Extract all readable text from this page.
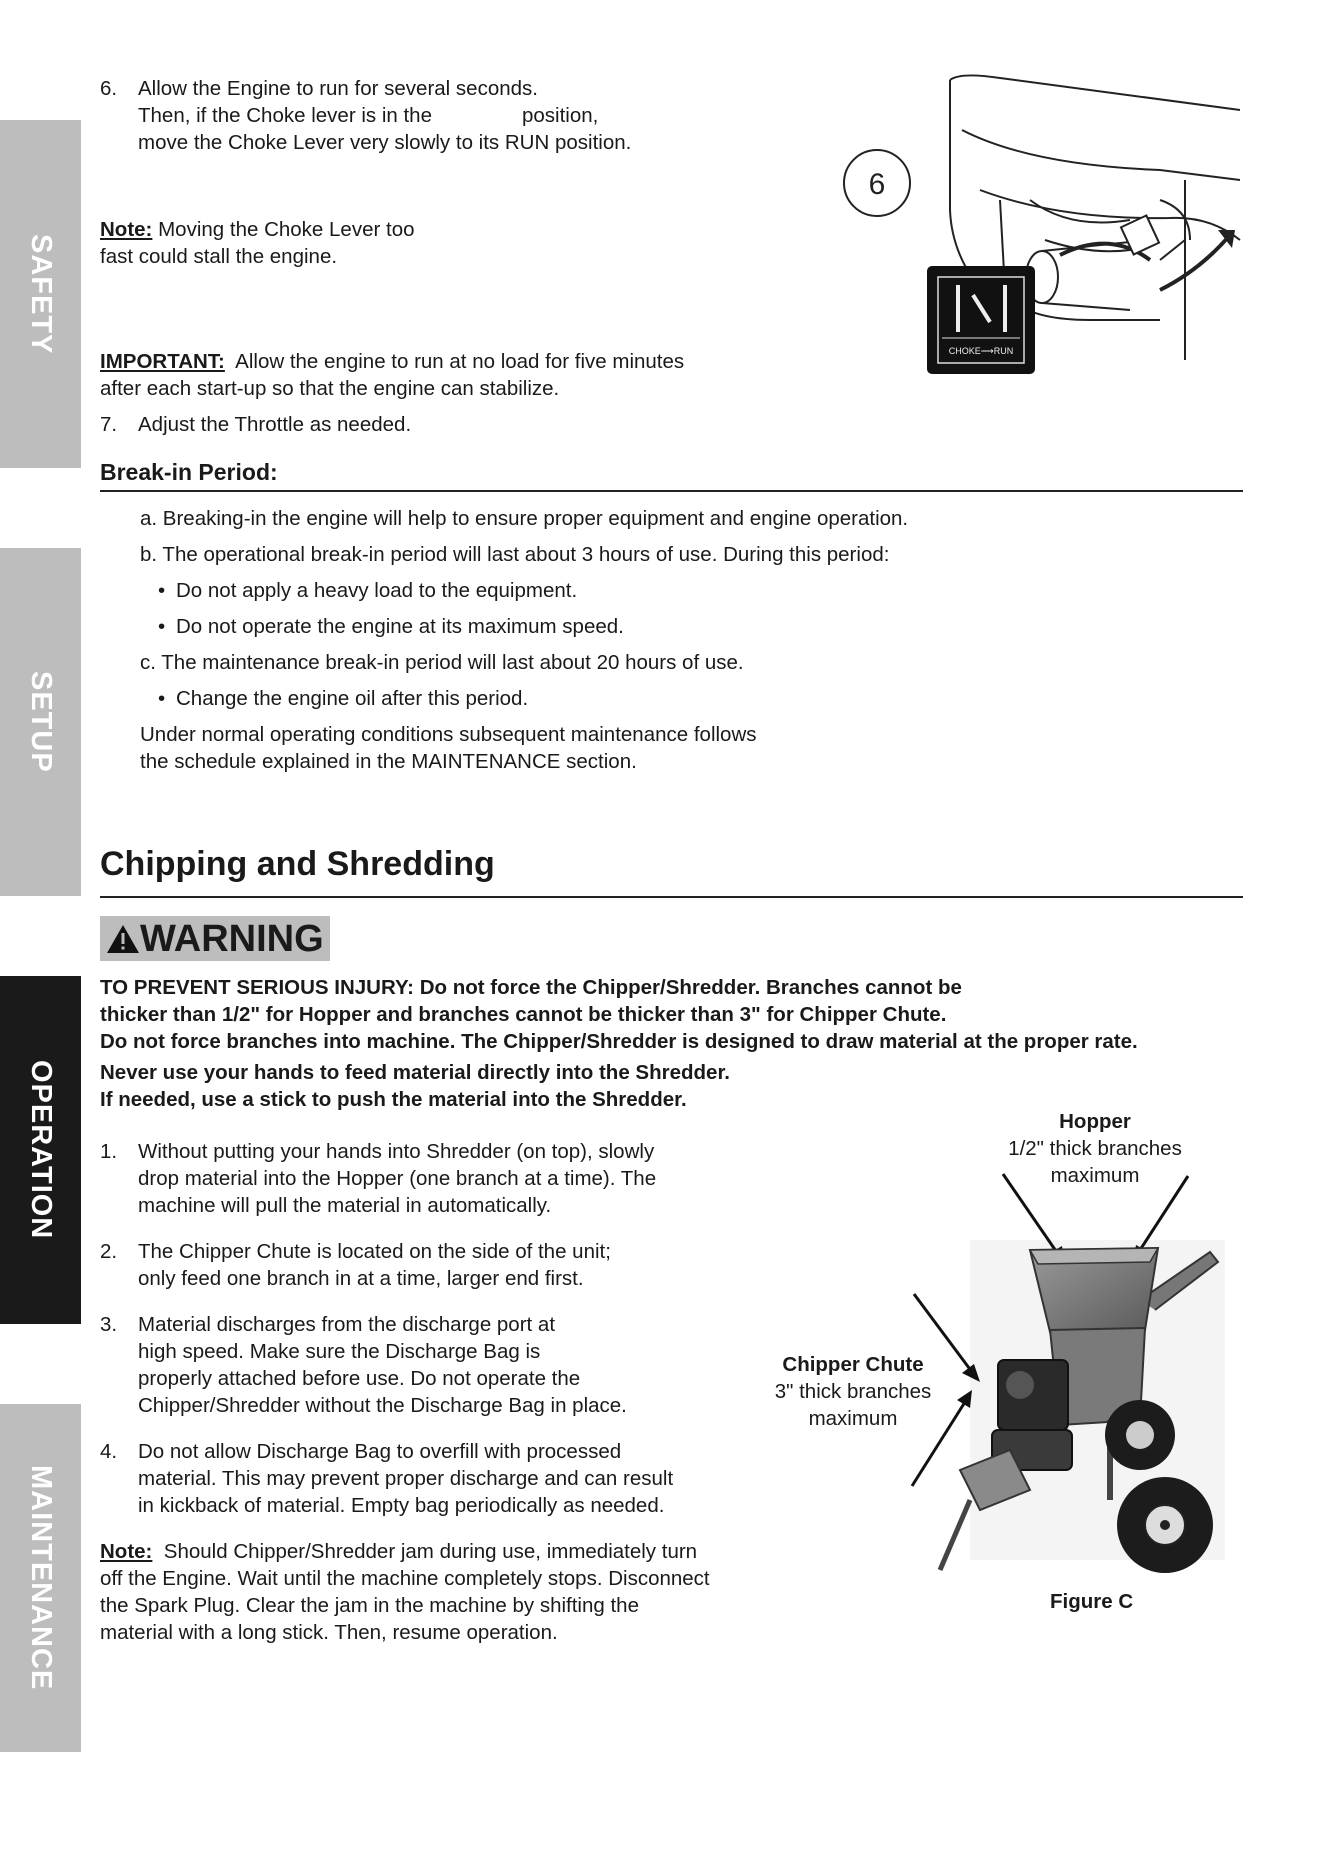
SAFETY
SETUP
OPERATION
MAINTENANCE
6. Allow the Engine to run for several seconds.
Then, if the Choke lever is in the	position,
move the Choke Lever very slowly to its RUN position.
Note: Moving the Choke Lever too
fast could stall the engine.
IMPORTANT: Allow the engine to run at no load for five minutes
after each start-up so that the engine can stabilize.
7. Adjust the Throttle as needed.
6
CHOKE⟶RUN
Break-in Period:
a. Breaking-in the engine will help to ensure proper equipment and engine operation.
b. The operational break-in period will last about 3 hours of use. During this period:
• Do not apply a heavy load to the equipment.
• Do not operate the engine at its maximum speed.
c. The maintenance break-in period will last about 20 hours of use.
• Change the engine oil after this period.
Under normal operating conditions subsequent maintenance follows
the schedule explained in the MAINTENANCE section.
Chipping and Shredding
WARNING
TO PREVENT SERIOUS INJURY: Do not force the Chipper/Shredder. Branches cannot be
thicker than 1/2" for Hopper and branches cannot be thicker than 3" for Chipper Chute.
Do not force branches into machine. The Chipper/Shredder is designed to draw material at the proper rate.
Never use your hands to feed material directly into the Shredder.
If needed, use a stick to push the material into the Shredder.
1. Without putting your hands into Shredder (on top), slowly
drop material into the Hopper (one branch at a time). The
machine will pull the material in automatically.
2. The Chipper Chute is located on the side of the unit;
only feed one branch in at a time, larger end first.
3. Material discharges from the discharge port at
high speed. Make sure the Discharge Bag is
properly attached before use. Do not operate the
Chipper/Shredder without the Discharge Bag in place.
4. Do not allow Discharge Bag to overfill with processed
material. This may prevent proper discharge and can result
in kickback of material. Empty bag periodically as needed.
Note: Should Chipper/Shredder jam during use, immediately turn
off the Engine. Wait until the machine completely stops. Disconnect
the Spark Plug. Clear the jam in the machine by shifting the
material with a long stick. Then, resume operation.
Hopper
1/2" thick branches
maximum
Chipper Chute
3" thick branches
maximum
Figure C
